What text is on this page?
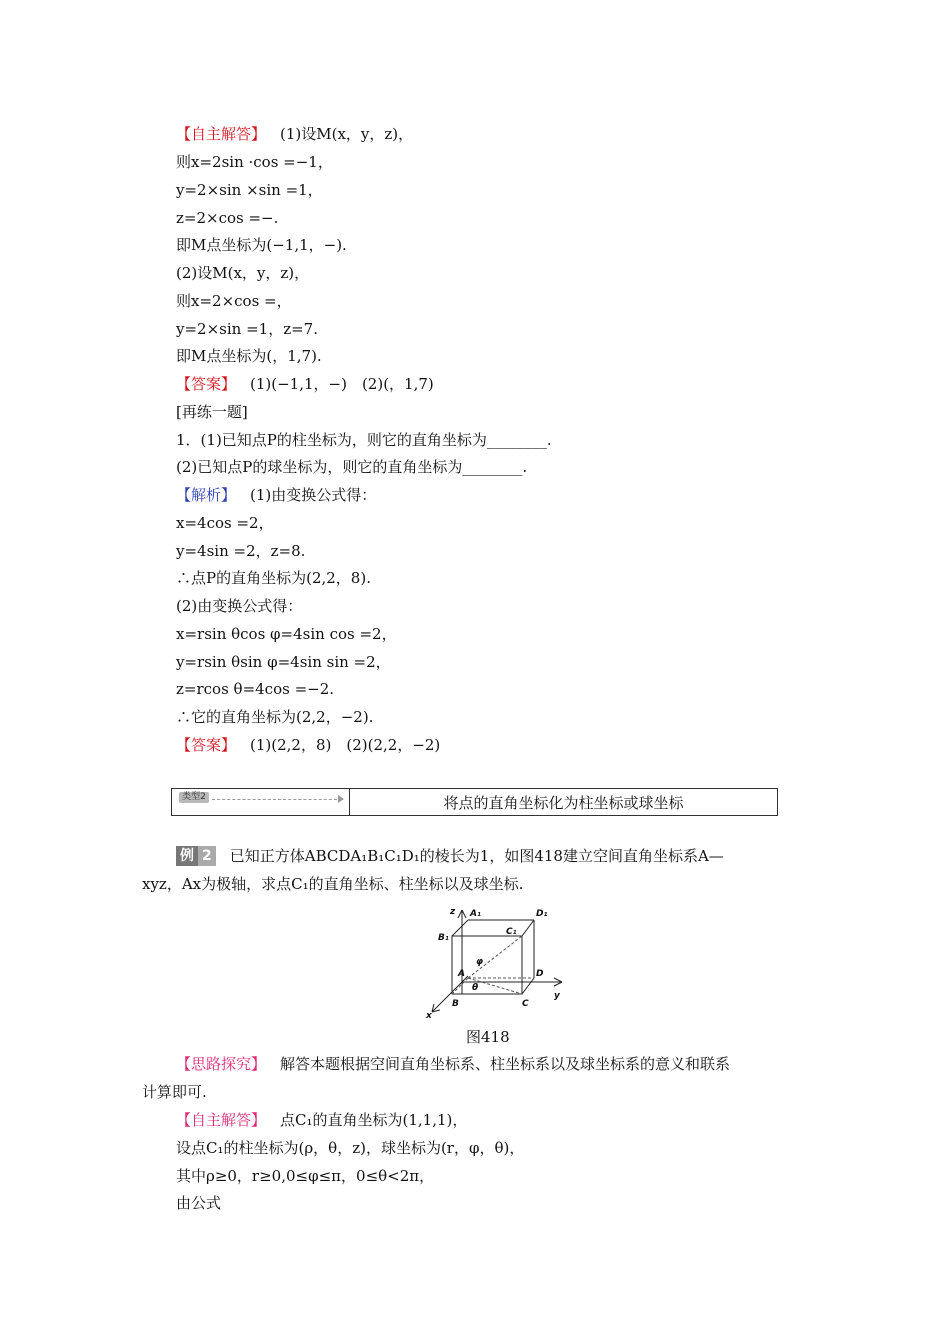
【自主解答】 (1)设M(x，y，z)，
则x=2sin ·cos =−1，
y=2×sin ×sin =1，
z=2×cos =−.
即M点坐标为(−1,1，−).
(2)设M(x，y，z)，
则x=2×cos =，
y=2×sin =1，z=7.
即M点坐标为(，1,7).
【答案】 (1)(−1,1，−)　(2)(，1,7)
[再练一题]
1．(1)已知点P的柱坐标为，则它的直角坐标为________.
(2)已知点P的球坐标为，则它的直角坐标为________.
【解析】 (1)由变换公式得：
x=4cos =2，
y=4sin =2，z=8.
∴点P的直角坐标为(2,2，8).
(2)由变换公式得：
x=rsin θcos φ=4sin cos =2，
y=rsin θsin φ=4sin sin =2，
z=rcos θ=4cos =−2.
∴它的直角坐标为(2,2，−2).
【答案】 (1)(2,2，8)　(2)(2,2，−2)
类型2	将点的直角坐标化为柱坐标或球坐标
例 2 已知正方体ABCDA₁B₁C₁D₁的棱长为1，如图418建立空间直角坐标系A—
xyz，Ax为极轴，求点C₁的直角坐标、柱坐标以及球坐标.
z A₁	D₁
B₁
C₁
A	D
B	C
x
y
φ
θ
图418
【思路探究】 解答本题根据空间直角坐标系、柱坐标系以及球坐标系的意义和联系
计算即可.
【自主解答】 点C₁的直角坐标为(1,1,1)，
设点C₁的柱坐标为(ρ，θ，z)，球坐标为(r，φ，θ)，
其中ρ≥0，r≥0,0≤φ≤π，0≤θ<2π，
由公式
